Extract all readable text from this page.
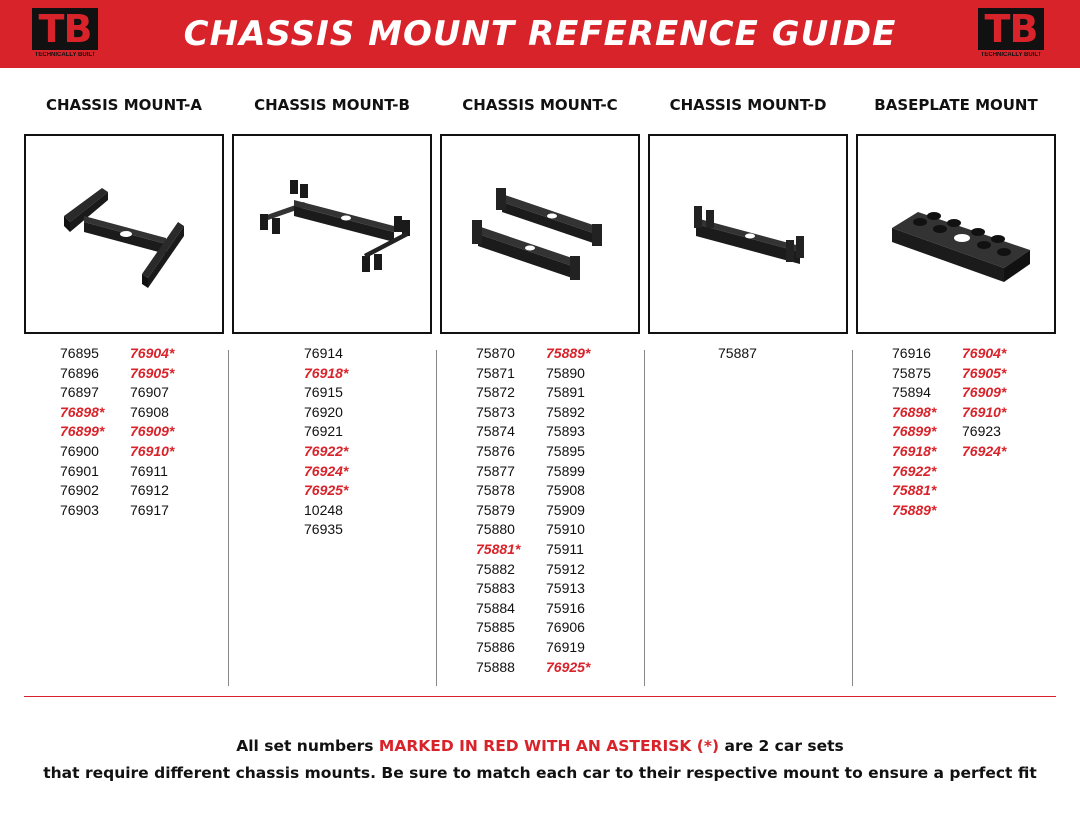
TB
TECHNICALLY BUILT
CHASSIS MOUNT REFERENCE GUIDE	TB
TECHNICALLY BUILT
CHASSIS MOUNT-A
76895
76896
76897
76898*
76899*
76900
76901
76902
76903
76904*
76905*
76907
76908
76909*
76910*
76911
76912
76917
CHASSIS MOUNT-B
76914
76918*
76915
76920
76921
76922*
76924*
76925*
10248
76935
CHASSIS MOUNT-C
75870
75871
75872
75873
75874
75876
75877
75878
75879
75880
75881*
75882
75883
75884
75885
75886
75888
75889*
75890
75891
75892
75893
75895
75899
75908
75909
75910
75911
75912
75913
75916
76906
76919
76925*
CHASSIS MOUNT-D
75887
BASEPLATE MOUNT
76916
75875
75894
76898*
76899*
76918*
76922*
75881*
75889*
76904*
76905*
76909*
76910*
76923
76924*
All set numbers MARKED IN RED WITH AN ASTERISK (*) are 2 car sets
that require different chassis mounts. Be sure to match each car to their respective mount to ensure a perfect fit
